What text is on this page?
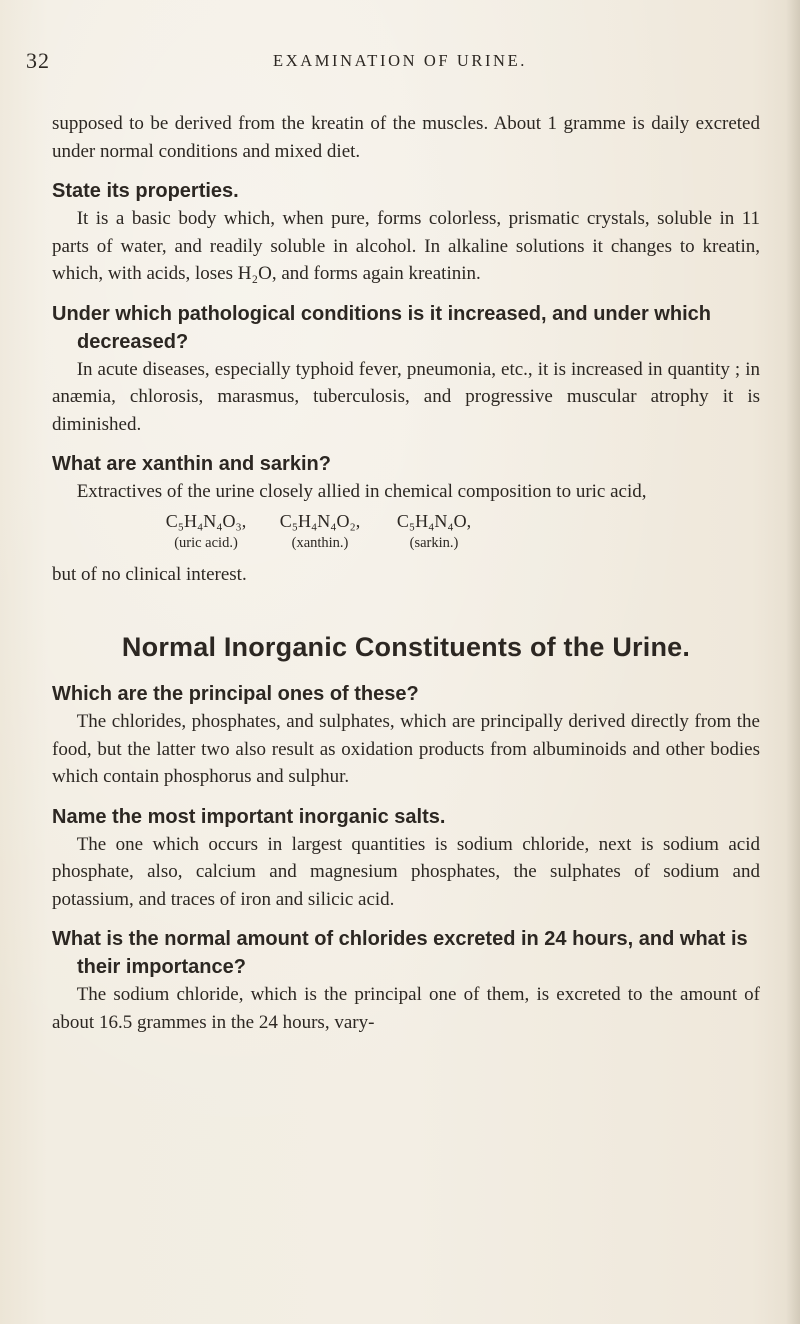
32	EXAMINATION OF URINE.

supposed to be derived from the kreatin of the muscles. About 1 gramme is daily excreted under normal conditions and mixed diet.

State its properties.

It is a basic body which, when pure, forms colorless, prismatic crystals, soluble in 11 parts of water, and readily soluble in alcohol. In alkaline solutions it changes to kreatin, which, with acids, loses H₂O, and forms again kreatinin.

Under which pathological conditions is it increased, and under which decreased?

In acute diseases, especially typhoid fever, pneumonia, etc., it is increased in quantity ; in anæmia, chlorosis, marasmus, tuberculosis, and progressive muscular atrophy it is diminished.

What are xanthin and sarkin?

Extractives of the urine closely allied in chemical composition to uric acid,

C₅H₄N₄O₃,	C₅H₄N₄O₂,	C₅H₄N₄O,
(uric acid.)	(xanthin.)	(sarkin.)

but of no clinical interest.

Normal Inorganic Constituents of the Urine.

Which are the principal ones of these?

The chlorides, phosphates, and sulphates, which are principally derived directly from the food, but the latter two also result as oxidation products from albuminoids and other bodies which contain phosphorus and sulphur.

Name the most important inorganic salts.

The one which occurs in largest quantities is sodium chloride, next is sodium acid phosphate, also, calcium and magnesium phosphates, the sulphates of sodium and potassium, and traces of iron and silicic acid.

What is the normal amount of chlorides excreted in 24 hours, and what is their importance?

The sodium chloride, which is the principal one of them, is excreted to the amount of about 16.5 grammes in the 24 hours, vary-
